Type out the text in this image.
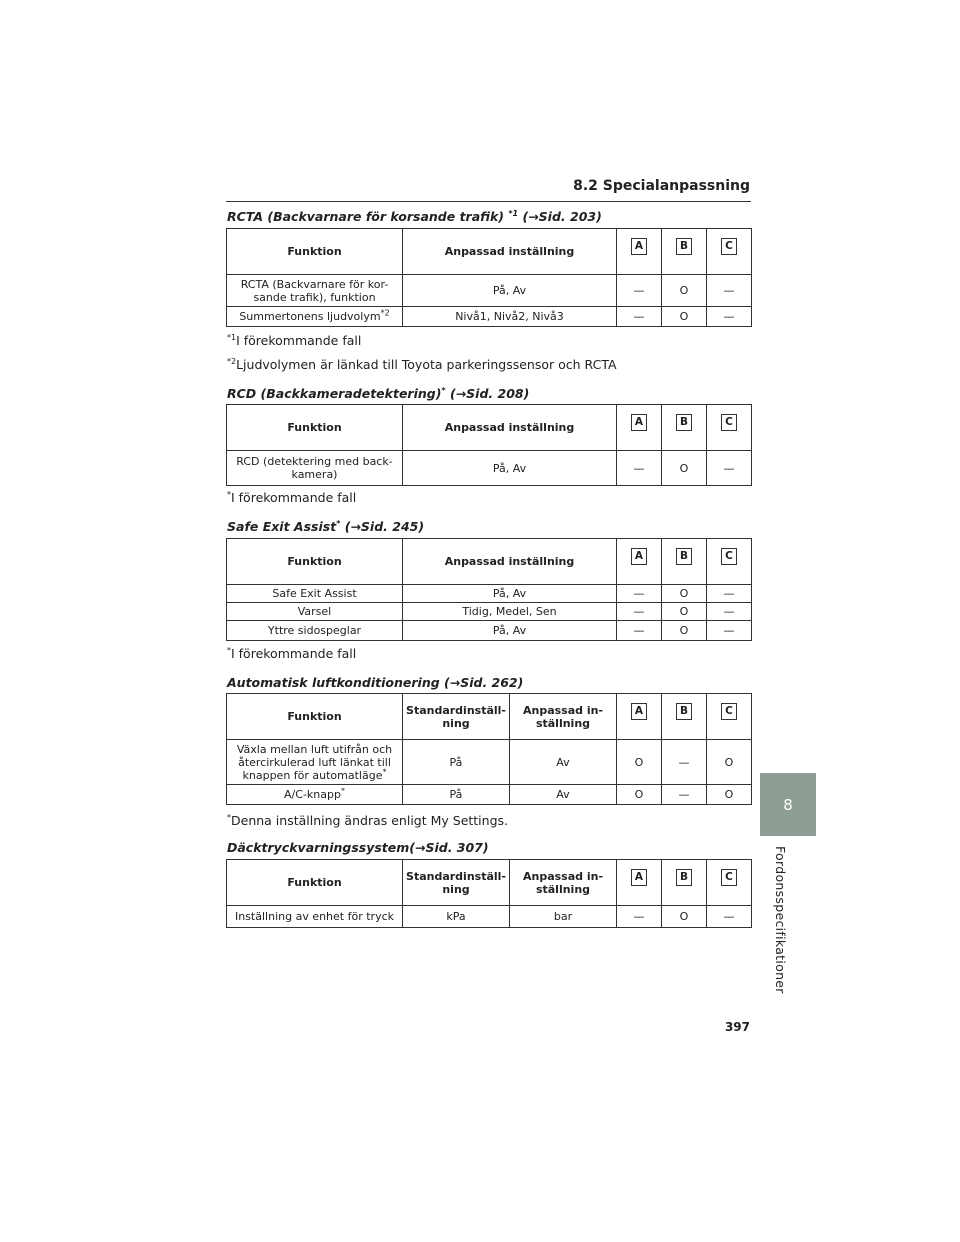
8.2 Specialanpassning
8
Fordonsspecifikationer
RCTA (Backvarnare för korsande trafik) $^{*1}$ (→Sid. 203)
Funktion	Anpassad inställning	A	B	C
RCTA (Backvarnare för kor-sande trafik), funktion	På, Av	—	O	—
Summertonens ljudvolym$^{*2}$	Nivå1, Nivå2, Nivå3	—	O	—
$^{*1}$I förekommande fall
$^{*2}$Ljudvolymen är länkad till Toyota parkeringssensor och RCTA
RCD (Backkameradetektering)* (→Sid. 208)
Funktion	Anpassad inställning	A	B	C
RCD (detektering med back-kamera)	På, Av	—	O	—
*I förekommande fall
Safe Exit Assist* (→Sid. 245)
Funktion	Anpassad inställning	A	B	C
Safe Exit Assist	På, Av	—	O	—
Varsel	Tidig, Medel, Sen	—	O	—
Yttre sidospeglar	På, Av	—	O	—
*I förekommande fall
Automatisk luftkonditionering (→Sid. 262)
Funktion	Standardinställ-ning	Anpassad in-ställning	A	B	C
Växla mellan luft utifrån och återcirkulerad luft länkat till knappen för automatläge*	På	Av	O	—	O
A/C-knapp*	På	Av	O	—	O
*Denna inställning ändras enligt My Settings.
Däcktryckvarningssystem(→Sid. 307)
Funktion	Standardinställ-ning	Anpassad in-ställning	A	B	C
Inställning av enhet för tryck	kPa	bar	—	O	—
397
